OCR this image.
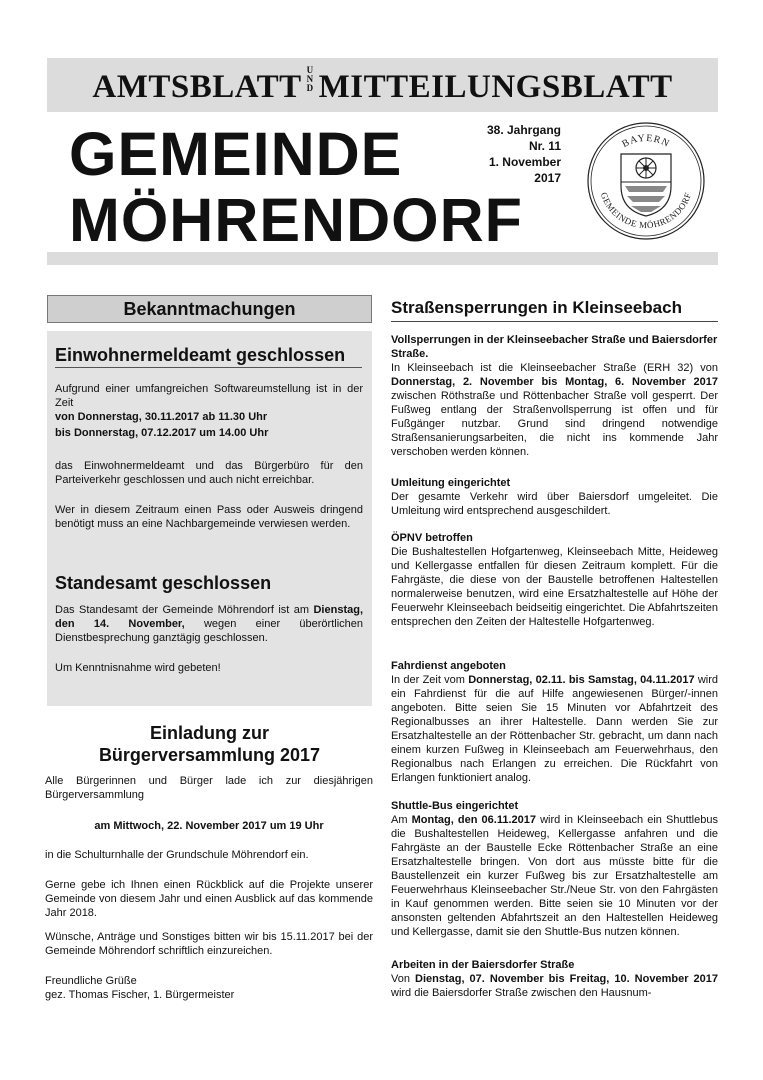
AMTSBLATT U
N
D MITTEILUNGSBLATT
GEMEINDE
MÖHRENDORF
38. Jahrgang
Nr. 11
1. November 2017
BAYERN
GEMEINDE MÖHRENDORF
Bekanntmachungen
Einwohnermeldeamt geschlossen
Aufgrund einer umfangreichen Softwareumstellung ist in der Zeit
von Donnerstag, 30.11.2017 ab 11.30 Uhr
bis Donnerstag, 07.12.2017 um 14.00 Uhr
das Einwohnermeldeamt und das Bürgerbüro für den Parteiverkehr geschlossen und auch nicht erreichbar.
Wer in diesem Zeitraum einen Pass oder Ausweis dringend benötigt muss an eine Nachbargemeinde verwiesen werden.
Standesamt geschlossen
Das Standesamt der Gemeinde Möhrendorf ist am Dienstag, den 14. November, wegen einer überörtlichen Dienstbesprechung ganztägig geschlossen.
Um Kenntnisnahme wird gebeten!
Einladung zur
Bürgerversammlung 2017
Alle Bürgerinnen und Bürger lade ich zur diesjährigen Bürgerversammlung
am Mittwoch, 22. November 2017 um 19 Uhr
in die Schulturnhalle der Grundschule Möhrendorf ein.
Gerne gebe ich Ihnen einen Rückblick auf die Projekte unserer Gemeinde von diesem Jahr und einen Ausblick auf das kommende Jahr 2018.
Wünsche, Anträge und Sonstiges bitten wir bis 15.11.2017 bei der Gemeinde Möhrendorf schriftlich einzureichen.
Freundliche Grüße
gez. Thomas Fischer, 1. Bürgermeister
Straßensperrungen in Kleinseebach
Vollsperrungen in der Kleinseebacher Straße und Baiersdorfer Straße.
In Kleinseebach ist die Kleinseebacher Straße (ERH 32) von Donnerstag, 2. November bis Montag, 6. November 2017 zwischen Röthstraße und Röttenbacher Straße voll gesperrt. Der Fußweg entlang der Straßenvollsperrung ist offen und für Fußgänger nutzbar. Grund sind dringend notwendige Straßensanierungsarbeiten, die nicht ins kommende Jahr verschoben werden können.
Umleitung eingerichtet
Der gesamte Verkehr wird über Baiersdorf umgeleitet. Die Umleitung wird entsprechend ausgeschildert.
ÖPNV betroffen
Die Bushaltestellen Hofgartenweg, Kleinseebach Mitte, Heideweg und Kellergasse entfallen für diesen Zeitraum komplett. Für die Fahrgäste, die diese von der Baustelle betroffenen Haltestellen normalerweise benutzen, wird eine Ersatzhaltestelle auf Höhe der Feuerwehr Kleinseebach beidseitig eingerichtet. Die Abfahrtszeiten entsprechen den Zeiten der Haltestelle Hofgartenweg.
Fahrdienst angeboten
In der Zeit vom Donnerstag, 02.11. bis Samstag, 04.11.2017 wird ein Fahrdienst für die auf Hilfe angewiesenen Bürger/-innen angeboten. Bitte seien Sie 15 Minuten vor Abfahrtzeit des Regionalbusses an ihrer Haltestelle. Dann werden Sie zur Ersatzhaltestelle an der Röttenbacher Str. gebracht, um dann nach einem kurzen Fußweg in Kleinseebach am Feuerwehrhaus, den Regionalbus nach Erlangen zu erreichen. Die Rückfahrt von Erlangen funktioniert analog.
Shuttle-Bus eingerichtet
Am Montag, den 06.11.2017 wird in Kleinseebach ein Shuttlebus die Bushaltestellen Heideweg, Kellergasse anfahren und die Fahrgäste an der Baustelle Ecke Röttenbacher Straße an eine Ersatzhaltestelle bringen. Von dort aus müsste bitte für die Baustellenzeit ein kurzer Fußweg bis zur Ersatzhaltestelle am Feuerwehrhaus Kleinseebacher Str./Neue Str. von den Fahrgästen in Kauf genommen werden. Bitte seien sie 10 Minuten vor der ansonsten geltenden Abfahrtszeit an den Haltestellen Heideweg und Kellergasse, damit sie den Shuttle-Bus nutzen können.
Arbeiten in der Baiersdorfer Straße
Von Dienstag, 07. November bis Freitag, 10. November 2017 wird die Baiersdorfer Straße zwischen den Hausnum-
